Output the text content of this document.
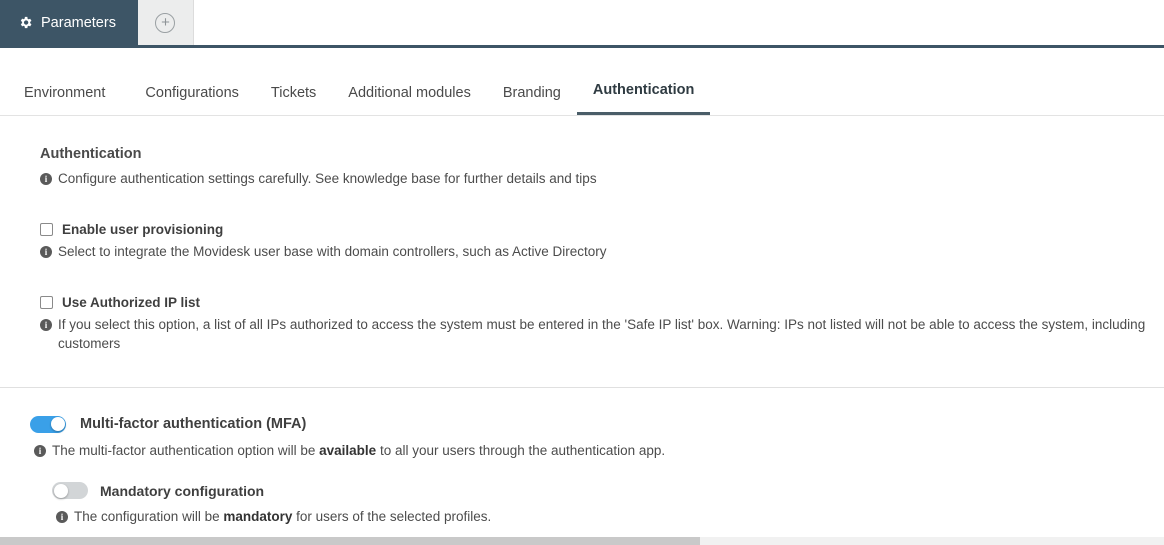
Parameters	+
Environment	Configurations	Tickets	Additional modules	Branding	Authentication
Authentication
i Configure authentication settings carefully. See knowledge base for further details and tips
Enable user provisioning
i Select to integrate the Movidesk user base with domain controllers, such as Active Directory
Use Authorized IP list
i If you select this option, a list of all IPs authorized to access the system must be entered in the 'Safe IP list' box. Warning: IPs not listed will not be able to access the system, including customers
Multi-factor authentication (MFA)
i The multi-factor authentication option will be available to all your users through the authentication app.
Mandatory configuration
i The configuration will be mandatory for users of the selected profiles.
